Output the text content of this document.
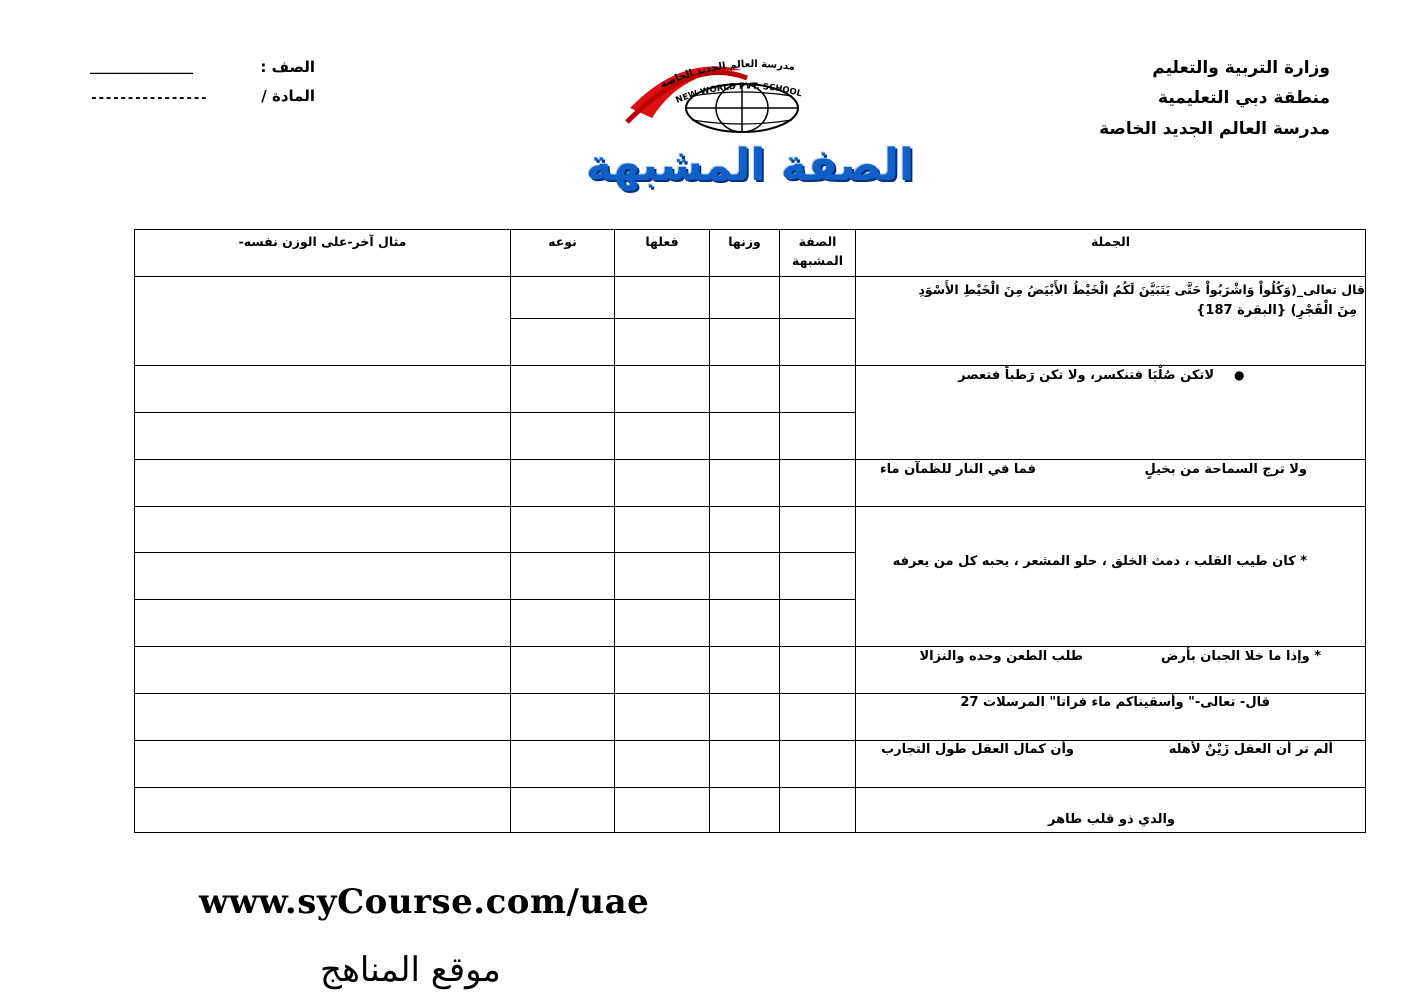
وزارة التربية والتعليم
منطقة دبي التعليمية
مدرسة العالم الجديد الخاصة
______________	الصف :
----------------	المادة /
مدرسة العالم الجديد الخاصة
NEW WORLD PVT. SCHOOL
الصفة المشبهة
الجملة
الصفة المشبهة
وزنها
فعلها
نوعه
مثال آخر-على الوزن نفسه-
قال تعالى_(وَكُلُواْ وَاشْرَبُواْ حَتَّى يَتَبَيَّنَ لَكُمُ الْخَيْطُ الأَبْيَضُ مِنَ الْخَيْطِ الأَسْوَدِ
مِنَ الْفَجْرِ) {البقرة 187}
●
لاتكن صُلْبَا فتنكسر، ولا تكن رَطباً فتعصر
ولا ترج السماحة من بخيلٍ
فما في النار للظمآن ماء
* كان طيب القلب ، دمث الخلق ، حلو المشعر ، يحبه كل من يعرفه
* وإذا ما خلا الجبان بأرض
طلب الطعن وحده والنزالا
قال- تعالى-" وأسقيناكم ماء فراتا" المرسلات 27
ألم تر أن العقل زَيْنٌ لأهله
وأن كمال العقل طول التجارب
والدي ذو قلب طاهر
www.syCourse.com/uae
موقع المناهج
